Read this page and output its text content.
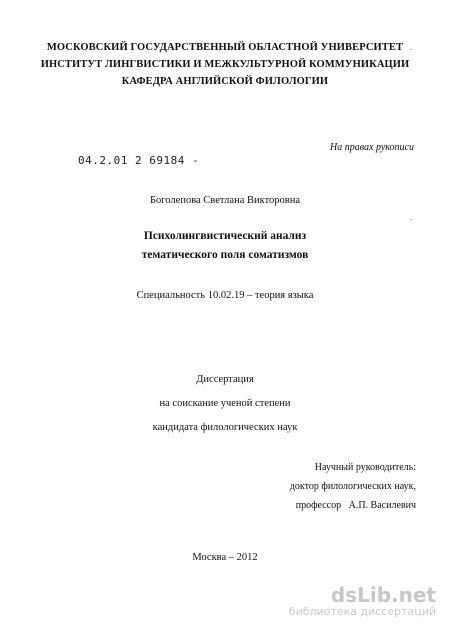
МОСКОВСКИЙ ГОСУДАРСТВЕННЫЙ ОБЛАСТНОЙ УНИВЕРСИТЕТ
ИНСТИТУТ ЛИНГВИСТИКИ И МЕЖКУЛЬТУРНОЙ КОММУНИКАЦИИ
КАФЕДРА АНГЛИЙСКОЙ ФИЛОЛОГИИ
.
.
На правах рукописи
04.2.01 2 69184 -
Боголепова Светлана Викторовна
Психолингвистический анализ
тематического поля соматизмов
Специальность 10.02.19 – теория языка
Диссертация
на соискание ученой степени
кандидата филологических наук
Научный руководитель:
доктор филологических наук,
профессор   А.П. Василевич
Москва – 2012
dsLib.net
библиотека диссертаций
